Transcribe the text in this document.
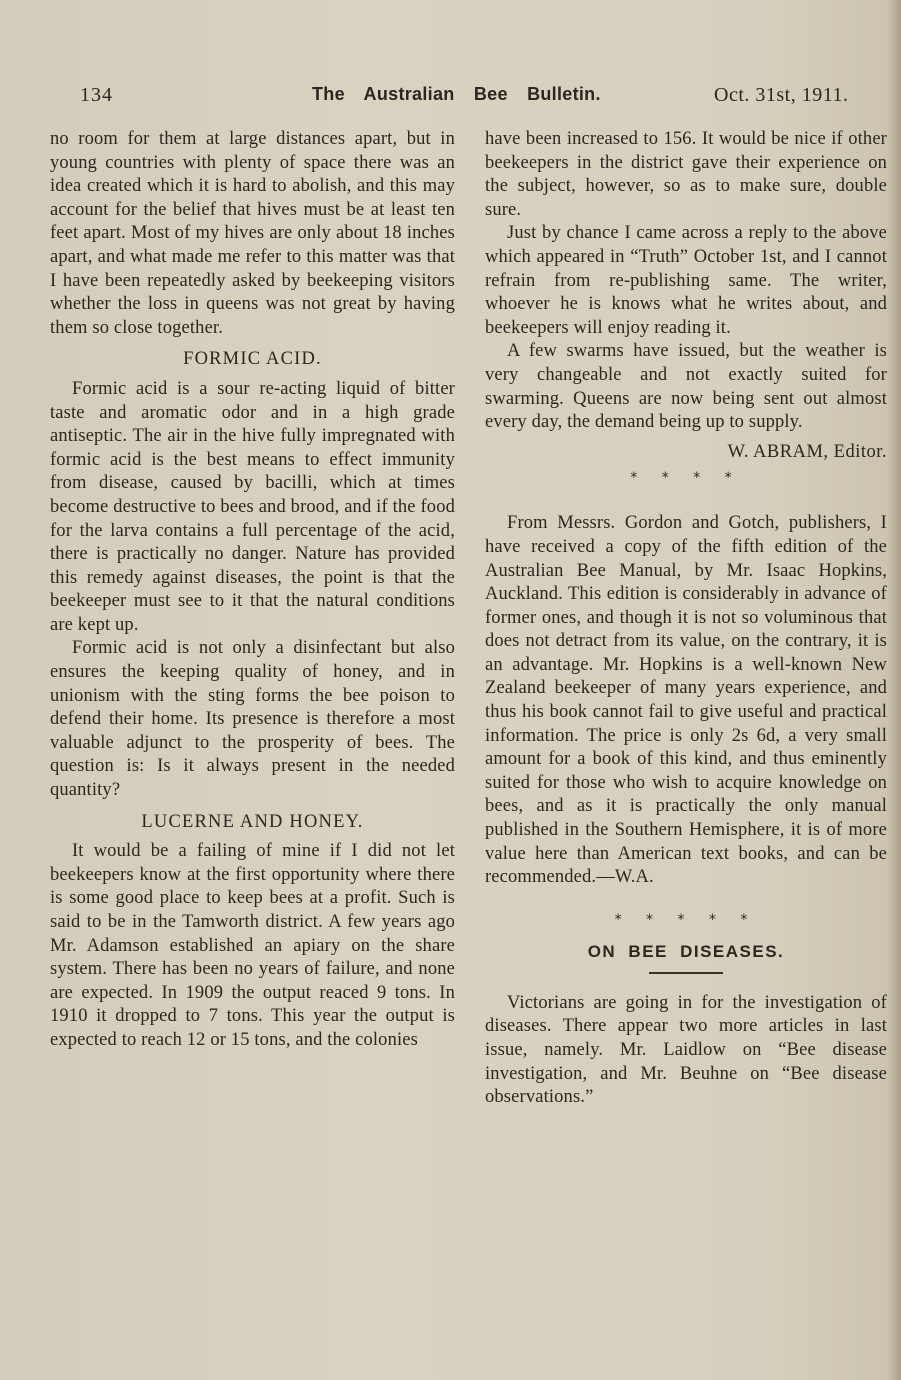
134	The Australian Bee Bulletin.	Oct. 31st, 1911.

no room for them at large distances apart, but in young countries with plenty of space there was an idea created which it is hard to abolish, and this may account for the belief that hives must be at least ten feet apart. Most of my hives are only about 18 inches apart, and what made me refer to this matter was that I have been repeatedly asked by beekeeping visitors whether the loss in queens was not great by having them so close together.

FORMIC ACID.

Formic acid is a sour re-acting liquid of bitter taste and aromatic odor and in a high grade antiseptic. The air in the hive fully impregnated with formic acid is the best means to effect immunity from disease, caused by bacilli, which at times become destructive to bees and brood, and if the food for the larva contains a full percentage of the acid, there is practically no danger. Nature has provided this remedy against diseases, the point is that the beekeeper must see to it that the natural conditions are kept up.

Formic acid is not only a disinfectant but also ensures the keeping quality of honey, and in unionism with the sting forms the bee poison to defend their home. Its presence is therefore a most valuable adjunct to the prosperity of bees. The question is: Is it always present in the needed quantity?

LUCERNE AND HONEY.

It would be a failing of mine if I did not let beekeepers know at the first opportunity where there is some good place to keep bees at a profit. Such is said to be in the Tamworth district. A few years ago Mr. Adamson established an apiary on the share system. There has been no years of failure, and none are expected. In 1909 the output reaced 9 tons. In 1910 it dropped to 7 tons. This year the output is expected to reach 12 or 15 tons, and the colonies

have been increased to 156. It would be nice if other beekeepers in the district gave their experience on the subject, however, so as to make sure, double sure.

Just by chance I came across a reply to the above which appeared in “Truth” October 1st, and I cannot refrain from re-publishing same. The writer, whoever he is knows what he writes about, and beekeepers will enjoy reading it.

A few swarms have issued, but the weather is very changeable and not exactly suited for swarming. Queens are now being sent out almost every day, the demand being up to supply.

W. ABRAM, Editor.
* * * *

From Messrs. Gordon and Gotch, publishers, I have received a copy of the fifth edition of the Australian Bee Manual, by Mr. Isaac Hopkins, Auckland. This edition is considerably in advance of former ones, and though it is not so voluminous that does not detract from its value, on the contrary, it is an advantage. Mr. Hopkins is a well-known New Zealand beekeeper of many years experience, and thus his book cannot fail to give useful and practical information. The price is only 2s 6d, a very small amount for a book of this kind, and thus eminently suited for those who wish to acquire knowledge on bees, and as it is practically the only manual published in the Southern Hemisphere, it is of more value here than American text books, and can be recommended.—W.A.

* * * * *
ON BEE DISEASES.

Victorians are going in for the investigation of diseases. There appear two more articles in last issue, namely. Mr. Laidlow on “Bee disease investigation, and Mr. Beuhne on “Bee disease observations.”
